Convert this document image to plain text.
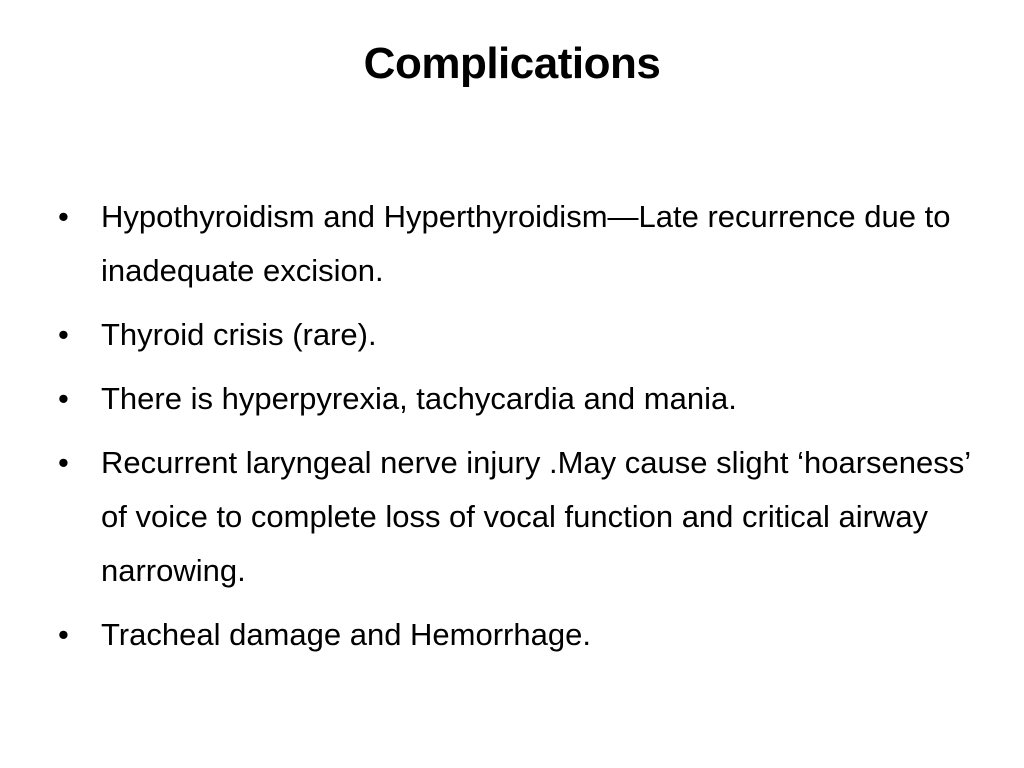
Complications
• Hypothyroidism and Hyperthyroidism—Late recurrence due to inadequate excision.
• Thyroid crisis (rare).
• There is hyperpyrexia, tachycardia and mania.
• Recurrent laryngeal nerve injury .May cause slight ‘hoarseness’ of voice to complete loss of vocal function and critical airway narrowing.
• Tracheal damage and Hemorrhage.
